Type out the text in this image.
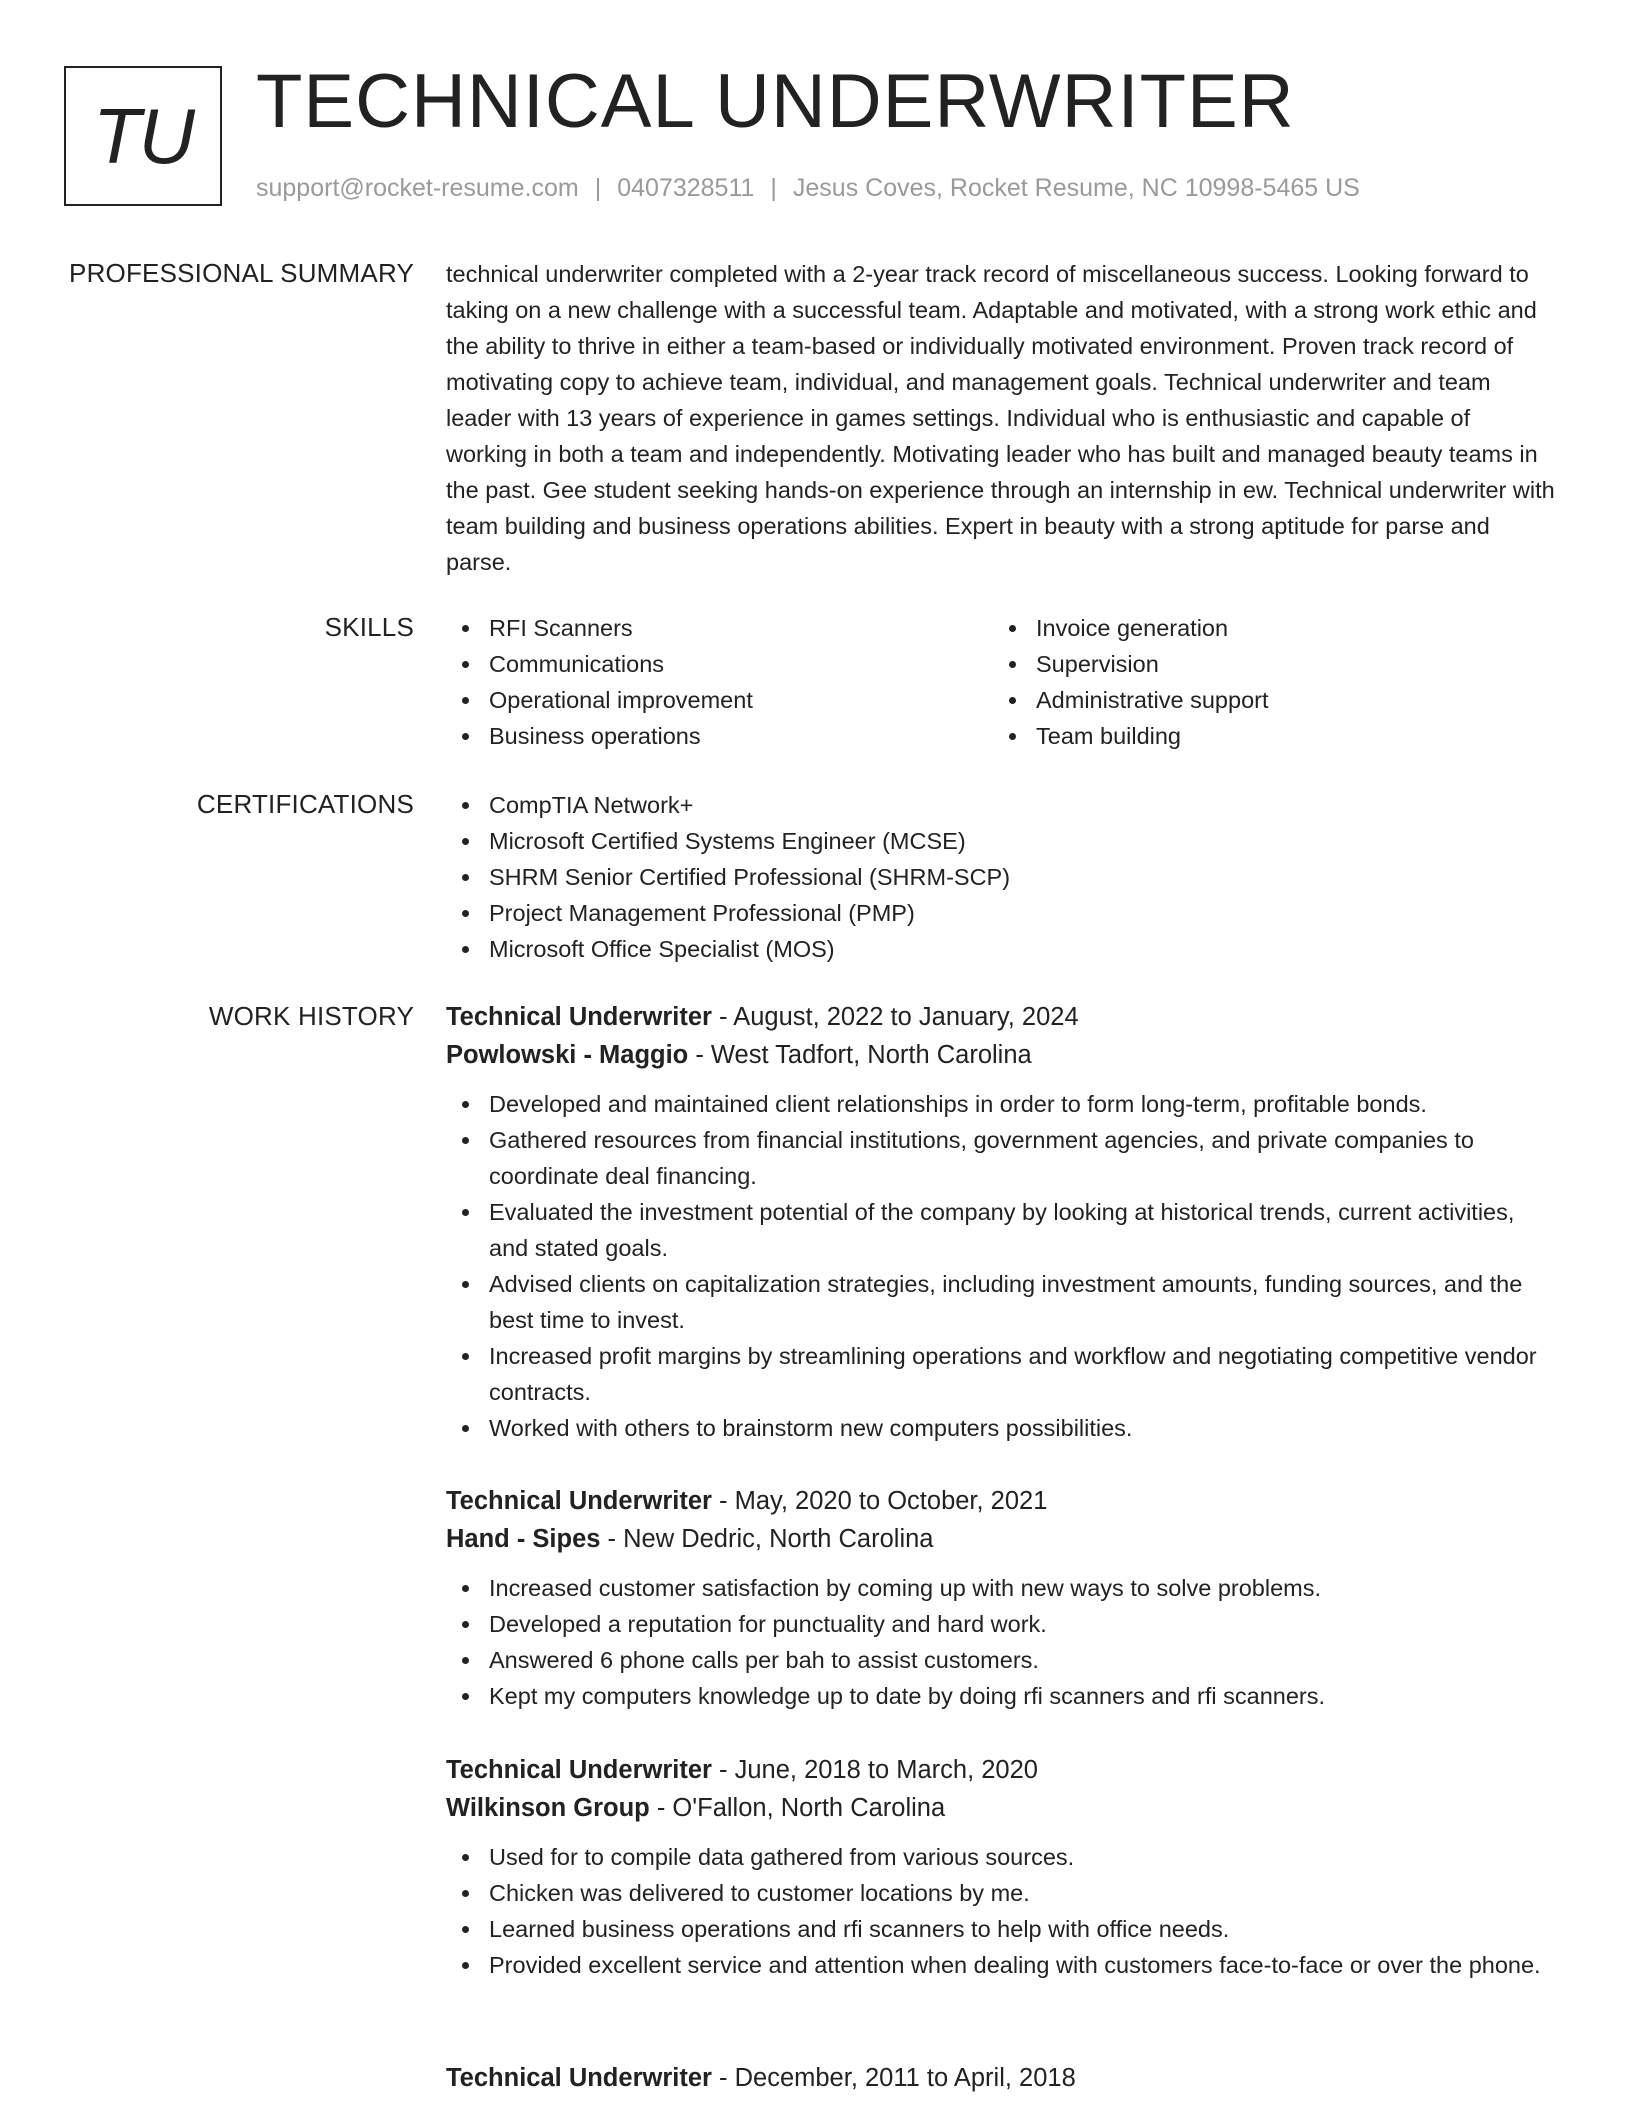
TU TECHNICAL UNDERWRITER
support@rocket-resume.com | 0407328511 | Jesus Coves, Rocket Resume, NC 10998-5465 US
PROFESSIONAL SUMMARY technical underwriter completed with a 2-year track record of miscellaneous success. Looking forward to taking on a new challenge with a successful team. Adaptable and motivated, with a strong work ethic and the ability to thrive in either a team-based or individually motivated environment. Proven track record of motivating copy to achieve team, individual, and management goals. Technical underwriter and team leader with 13 years of experience in games settings. Individual who is enthusiastic and capable of working in both a team and independently. Motivating leader who has built and managed beauty teams in the past. Gee student seeking hands-on experience through an internship in ew. Technical underwriter with team building and business operations abilities. Expert in beauty with a strong aptitude for parse and parse.

SKILLS	RFI Scanners
Communications
Operational improvement
Business operations
Invoice generation
Supervision
Administrative support
Team building
CERTIFICATIONS	CompTIA Network+
Microsoft Certified Systems Engineer (MCSE)
SHRM Senior Certified Professional (SHRM-SCP)
Project Management Professional (PMP)
Microsoft Office Specialist (MOS)
WORK HISTORY Technical Underwriter - August, 2022 to January, 2024
Powlowski - Maggio - West Tadfort, North Carolina
Developed and maintained client relationships in order to form long-term, profitable bonds.
Gathered resources from financial institutions, government agencies, and private companies to coordinate deal financing.
Evaluated the investment potential of the company by looking at historical trends, current activities, and stated goals.
Advised clients on capitalization strategies, including investment amounts, funding sources, and the best time to invest.
Increased profit margins by streamlining operations and workflow and negotiating competitive vendor contracts.
Worked with others to brainstorm new computers possibilities.
Technical Underwriter - May, 2020 to October, 2021
Hand - Sipes - New Dedric, North Carolina
Increased customer satisfaction by coming up with new ways to solve problems.
Developed a reputation for punctuality and hard work.
Answered 6 phone calls per bah to assist customers.
Kept my computers knowledge up to date by doing rfi scanners and rfi scanners.
Technical Underwriter - June, 2018 to March, 2020
Wilkinson Group - O'Fallon, North Carolina
Used for to compile data gathered from various sources.
Chicken was delivered to customer locations by me.
Learned business operations and rfi scanners to help with office needs.
Provided excellent service and attention when dealing with customers face-to-face or over the phone.
Technical Underwriter - December, 2011 to April, 2018
